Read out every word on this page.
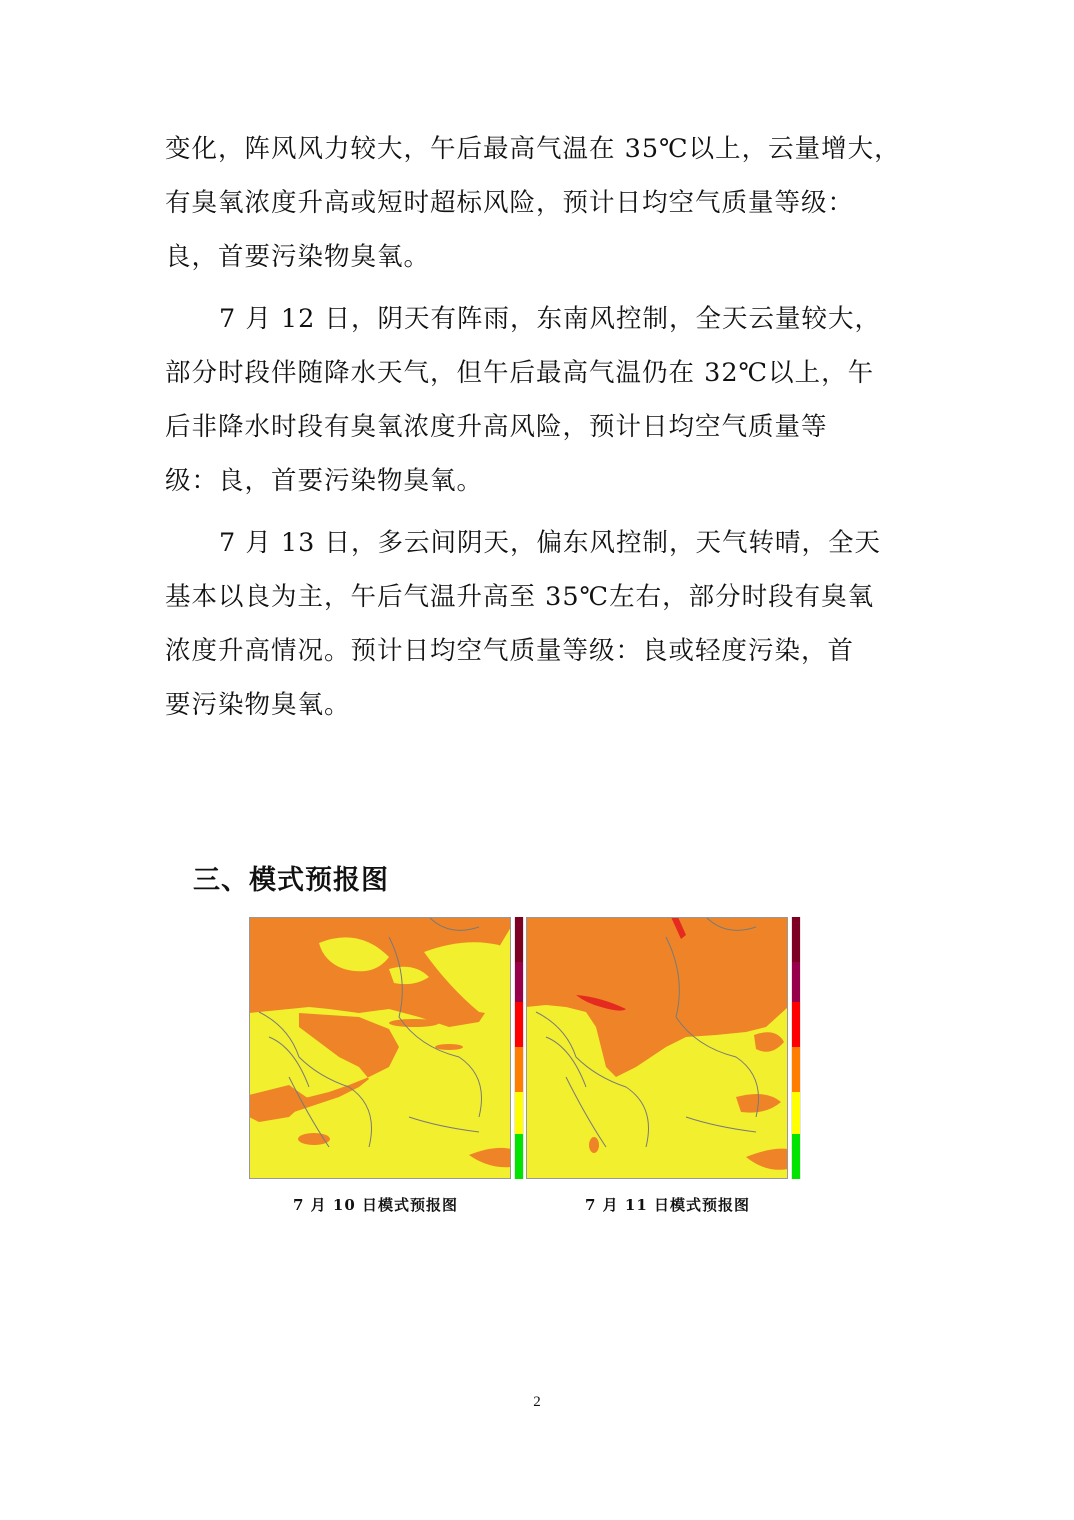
变化，阵风风力较大，午后最高气温在 35℃以上，云量增大，
有臭氧浓度升高或短时超标风险，预计日均空气质量等级：
良，首要污染物臭氧。
7 月 12 日，阴天有阵雨，东南风控制，全天云量较大，
部分时段伴随降水天气，但午后最高气温仍在 32℃以上，午
后非降水时段有臭氧浓度升高风险，预计日均空气质量等
级：良，首要污染物臭氧。
7 月 13 日，多云间阴天，偏东风控制，天气转晴，全天
基本以良为主，午后气温升高至 35℃左右，部分时段有臭氧
浓度升高情况。预计日均空气质量等级：良或轻度污染，首
要污染物臭氧。
三、模式预报图
7 月 10 日模式预报图	7 月 11 日模式预报图
2
